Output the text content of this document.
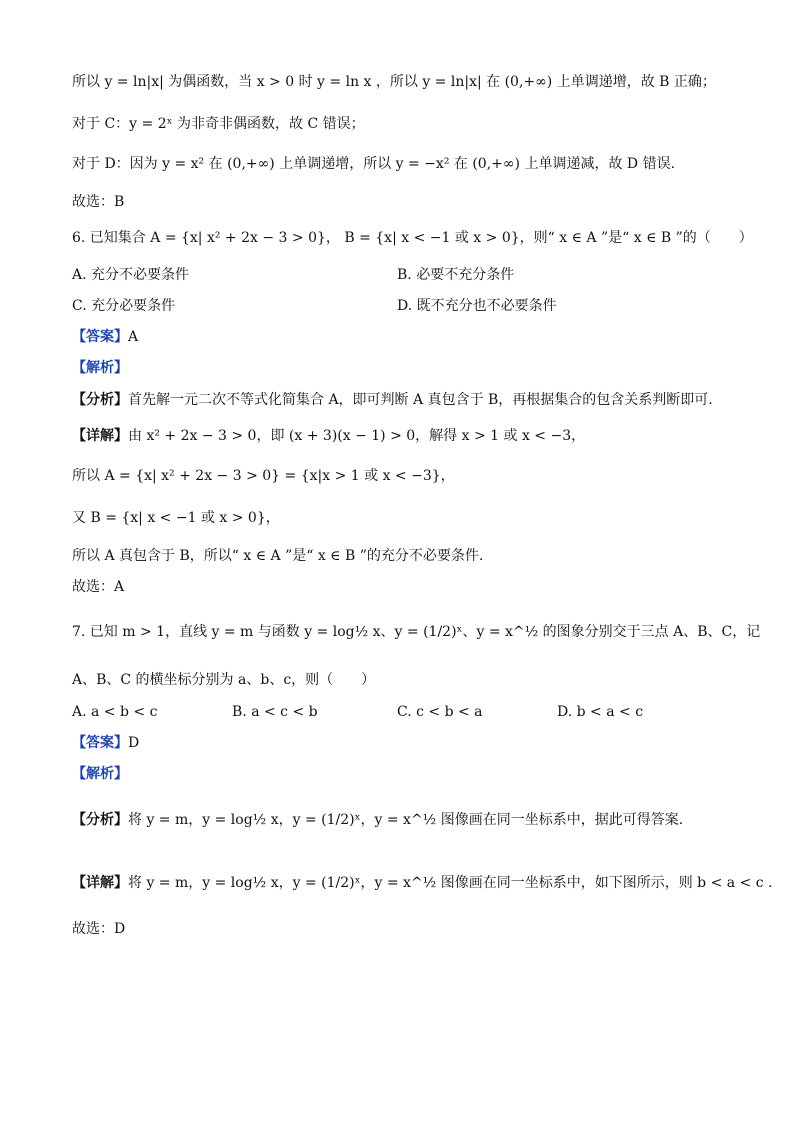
所以 y = ln|x| 为偶函数，当 x > 0 时 y = ln x ，所以 y = ln|x| 在 (0,+∞) 上单调递增，故 B 正确；
对于 C：y = 2ˣ 为非奇非偶函数，故 C 错误；
对于 D：因为 y = x² 在 (0,+∞) 上单调递增，所以 y = −x² 在 (0,+∞) 上单调递减，故 D 错误.
故选：B
6. 已知集合 A = {x| x² + 2x − 3 > 0}， B = {x| x < −1 或 x > 0}，则“ x ∈ A ”是“ x ∈ B ”的（　　）
A. 充分不必要条件	B. 必要不充分条件
C. 充分必要条件	D. 既不充分也不必要条件
【答案】A
【解析】
【分析】首先解一元二次不等式化简集合 A，即可判断 A 真包含于 B，再根据集合的包含关系判断即可.
【详解】由 x² + 2x − 3 > 0，即 (x + 3)(x − 1) > 0，解得 x > 1 或 x < −3，
所以 A = {x| x² + 2x − 3 > 0} = {x|x > 1 或 x < −3}，
又 B = {x| x < −1 或 x > 0}，
所以 A 真包含于 B，所以“ x ∈ A ”是“ x ∈ B ”的充分不必要条件.
故选：A
7. 已知 m > 1，直线 y = m 与函数 y = log½ x、y = (1/2)ˣ、y = x^½ 的图象分别交于三点 A、B、C，记
A、B、C 的横坐标分别为 a、b、c，则（　　）
A. a < b < c	B. a < c < b	C. c < b < a	D. b < a < c
【答案】D
【解析】
【分析】将 y = m，y = log½ x，y = (1/2)ˣ，y = x^½ 图像画在同一坐标系中，据此可得答案.
【详解】将 y = m，y = log½ x，y = (1/2)ˣ，y = x^½ 图像画在同一坐标系中，如下图所示，则 b < a < c .
故选：D
